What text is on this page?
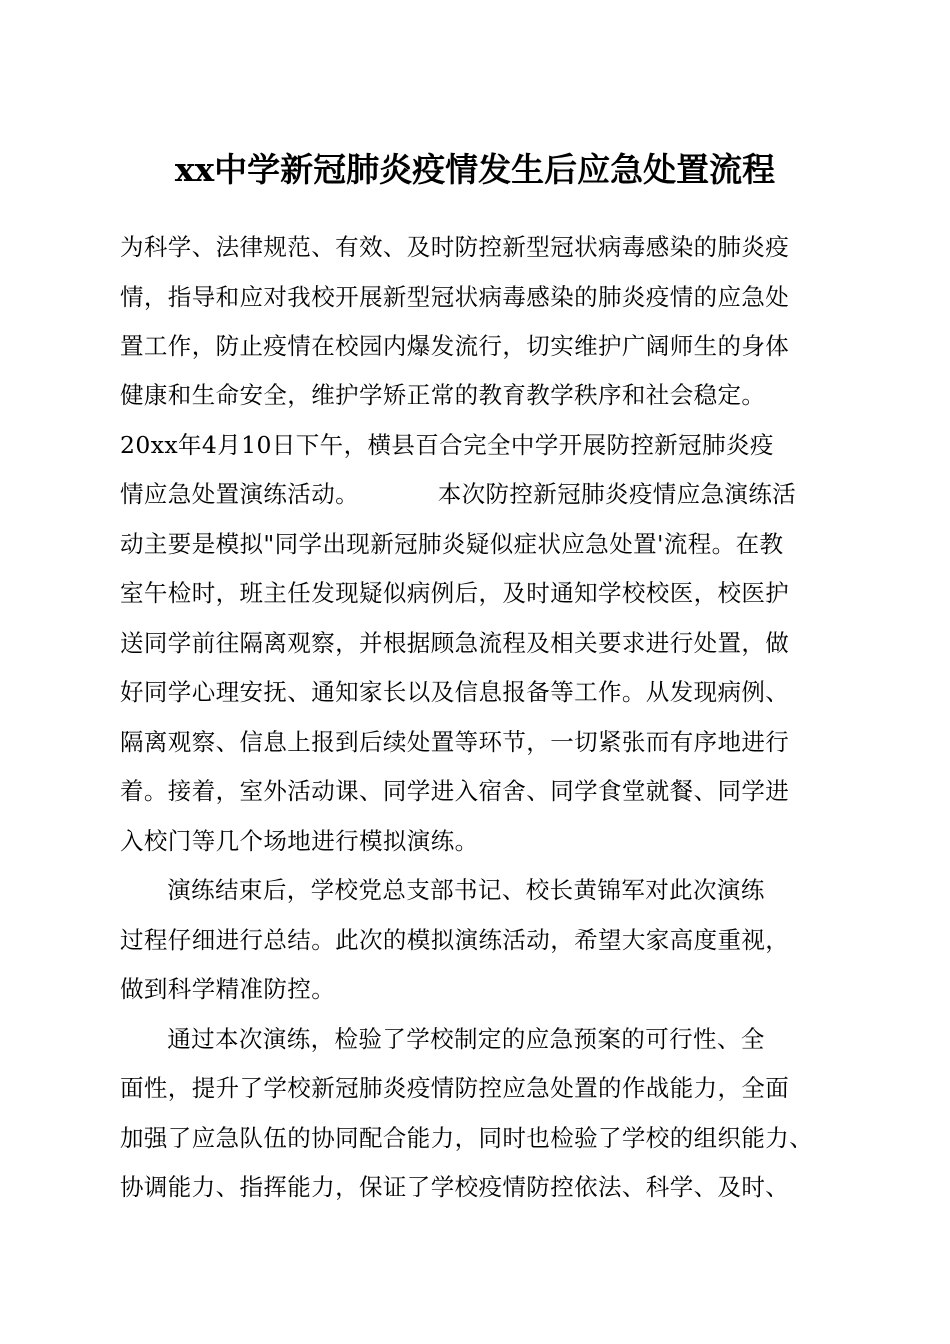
xx中学新冠肺炎疫情发生后应急处置流程
为科学、法律规范、有效、及时防控新型冠状病毒感染的肺炎疫
情，指导和应对我校开展新型冠状病毒感染的肺炎疫情的应急处
置工作，防止疫情在校园内爆发流行，切实维护广阔师生的身体
健康和生命安全，维护学矫正常的教育教学秩序和社会稳定。
20xx年4月10日下午，横县百合完全中学开展防控新冠肺炎疫
情应急处置演练活动。          本次防控新冠肺炎疫情应急演练活
动主要是模拟"同学出现新冠肺炎疑似症状应急处置'流程。在教
室午检时，班主任发现疑似病例后，及时通知学校校医，校医护
送同学前往隔离观察，并根据顾急流程及相关要求进行处置，做
好同学心理安抚、通知家长以及信息报备等工作。从发现病例、
隔离观察、信息上报到后续处置等环节，一切紧张而有序地进行
着。接着，室外活动课、同学进入宿舍、同学食堂就餐、同学进
入校门等几个场地进行模拟演练。
演练结束后，学校党总支部书记、校长黄锦军对此次演练
过程仔细进行总结。此次的模拟演练活动，希望大家高度重视，
做到科学精准防控。
通过本次演练，检验了学校制定的应急预案的可行性、全
面性，提升了学校新冠肺炎疫情防控应急处置的作战能力，全面
加强了应急队伍的协同配合能力，同时也检验了学校的组织能力、
协调能力、指挥能力，保证了学校疫情防控依法、科学、及时、
